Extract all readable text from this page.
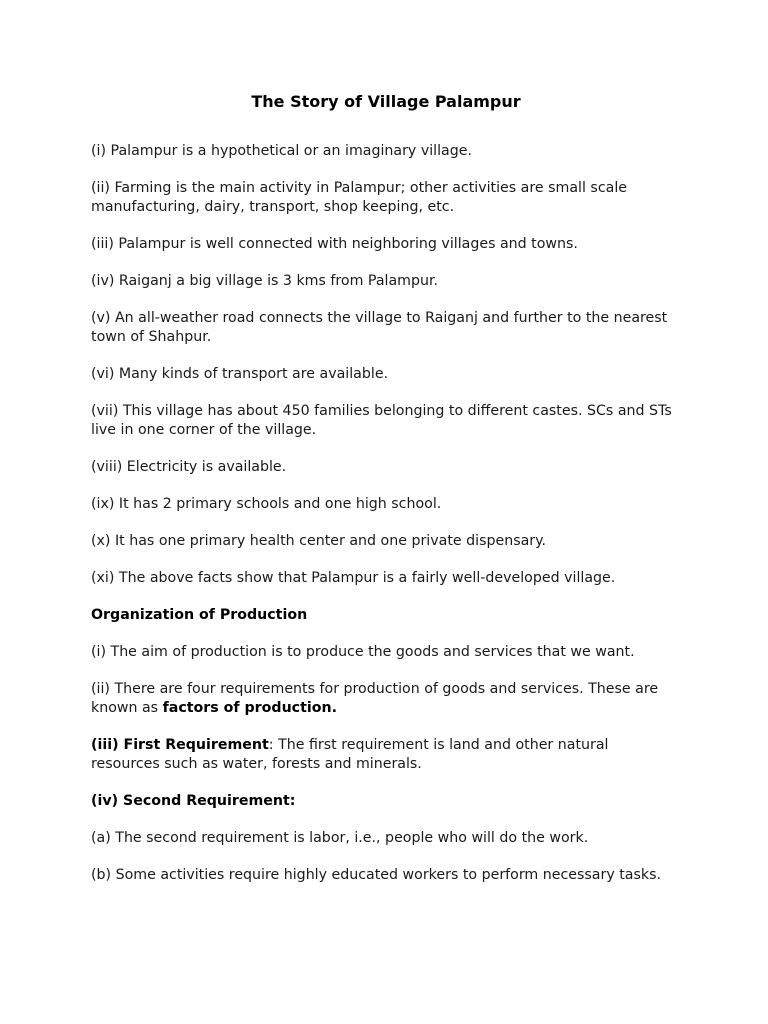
The Story of Village Palampur

(i) Palampur is a hypothetical or an imaginary village.

(ii) Farming is the main activity in Palampur; other activities are small scale manufacturing, dairy, transport, shop keeping, etc.

(iii) Palampur is well connected with neighboring villages and towns.

(iv) Raiganj a big village is 3 kms from Palampur.

(v) An all-weather road connects the village to Raiganj and further to the nearest town of Shahpur.

(vi) Many kinds of transport are available.

(vii) This village has about 450 families belonging to different castes. SCs and STs live in one corner of the village.

(viii) Electricity is available.

(ix) It has 2 primary schools and one high school.

(x) It has one primary health center and one private dispensary.

(xi) The above facts show that Palampur is a fairly well-developed village.

Organization of Production

(i) The aim of production is to produce the goods and services that we want.

(ii) There are four requirements for production of goods and services. These are known as factors of production.

(iii) First Requirement: The first requirement is land and other natural resources such as water, forests and minerals.

(iv) Second Requirement:

(a) The second requirement is labor, i.e., people who will do the work.

(b) Some activities require highly educated workers to perform necessary tasks.
